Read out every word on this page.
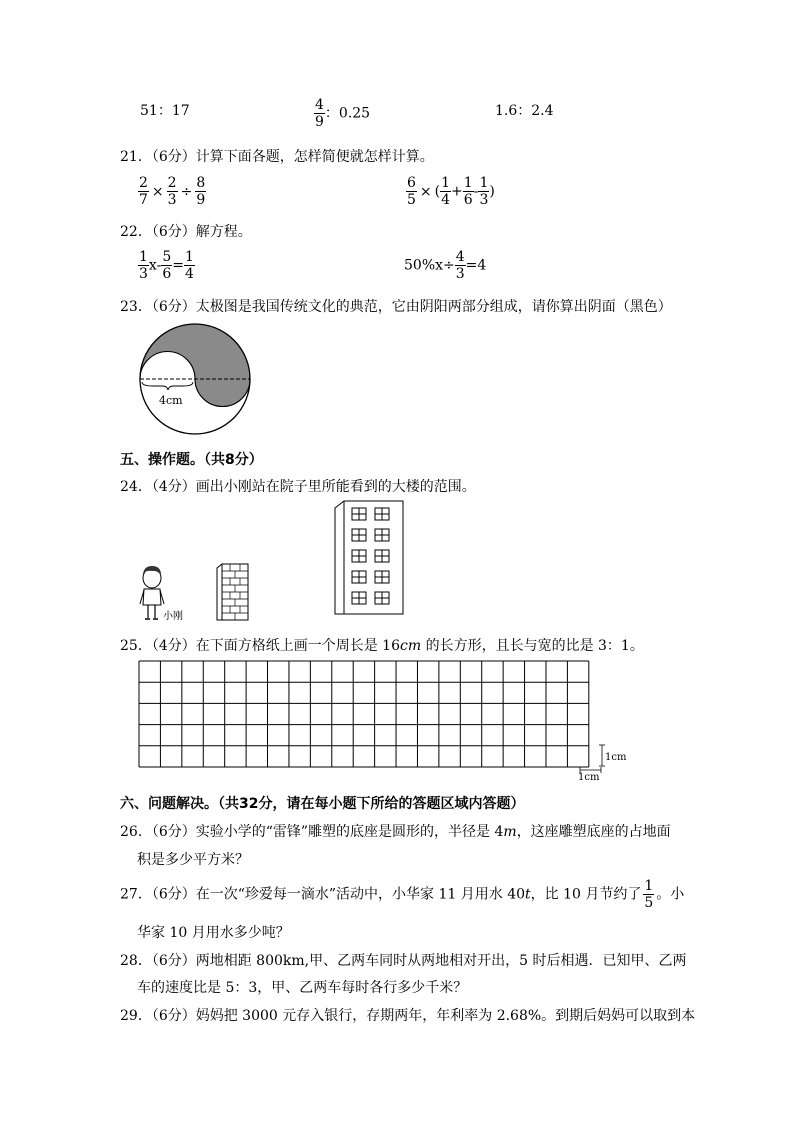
51：17	$\frac{4}{9}$ ：0.25	1.6：2.4
21．（6分）计算下面各题，怎样简便就怎样计算。
$\frac{2}{7} \times \frac{2}{3} \div \frac{8}{9}$	$\frac{6}{5}$ × ( $\frac{1}{4} + \frac{1}{6} - \frac{1}{3}$ )
22．（6分）解方程。
$\frac{1}{3} x- \frac{5}{6} = \frac{1}{4}$	$50\%x\div \frac{4}{3} =4$
23．（6分）太极图是我国传统文化的典范，它由阴阳两部分组成，请你算出阴面（黑色）
4cm
五、操作题。（共8分）
24．（4分）画出小刚站在院子里所能看到的大楼的范围。
小刚
25．（4分）在下面方格纸上画一个周长是 16cm 的长方形，且长与宽的比是 3：1。
1cm
1cm
六、问题解决。（共32分，请在每小题下所给的答题区域内答题）
26．（6分）实验小学的“雷锋”雕塑的底座是圆形的，半径是 4m，这座雕塑底座的占地面
积是多少平方米？
27．（6分）在一次“珍爱每一滴水”活动中，小华家 11 月用水 40t，比 10 月节约了 $\frac{1}{5}$ 。小
华家 10 月用水多少吨？
28．（6分）两地相距 800km,甲、乙两车同时从两地相对开出，5 时后相遇．已知甲、乙两
车的速度比是 5：3，甲、乙两车每时各行多少千米？
29．（6分）妈妈把 3000 元存入银行，存期两年，年利率为 2.68%。到期后妈妈可以取到本
